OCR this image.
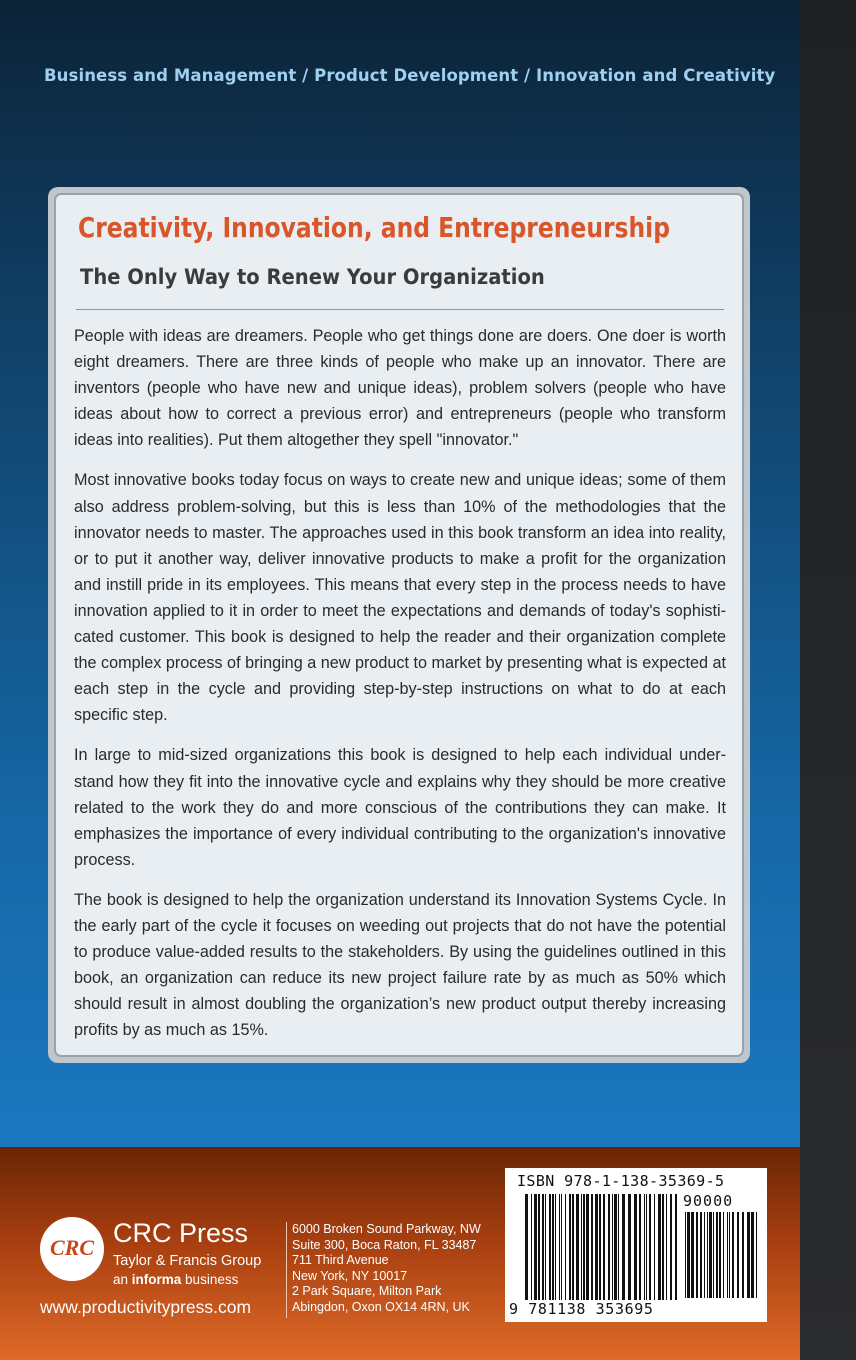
Business and Management / Product Development / Innovation and Creativity
Creativity, Innovation, and Entrepreneurship
The Only Way to Renew Your Organization

People with ideas are dreamers. People who get things done are doers. One doer is worth eight dreamers. There are three kinds of people who make up an innovator. There are inventors (people who have new and unique ideas), problem solvers (people who have ideas about how to correct a previous error) and entrepreneurs (people who transform ideas into realities). Put them altogether they spell "innovator."

Most innovative books today focus on ways to create new and unique ideas; some of them also address problem-solving, but this is less than 10% of the methodologies that the innovator needs to master. The approaches used in this book transform an idea into reality, or to put it another way, deliver innovative products to make a profit for the organization and instill pride in its employees. This means that every step in the process needs to have innovation applied to it in order to meet the expectations and demands of today's sophisticated customer. This book is designed to help the reader and their organization complete the complex process of bringing a new product to market by presenting what is expected at each step in the cycle and providing step-by-step instructions on what to do at each specific step.

In large to mid-sized organizations this book is designed to help each individual understand how they fit into the innovative cycle and explains why they should be more creative related to the work they do and more conscious of the contributions they can make. It emphasizes the importance of every individual contributing to the organization's innovative process.

The book is designed to help the organization understand its Innovation Systems Cycle. In the early part of the cycle it focuses on weeding out projects that do not have the potential to produce value-added results to the stakeholders. By using the guidelines outlined in this book, an organization can reduce its new project failure rate by as much as 50% which should result in almost doubling the organization’s new product output thereby increasing profits by as much as 15%.

CRC CRC Press
Taylor & Francis Group
an informa business
www.productivitypress.com
6000 Broken Sound Parkway, NW
Suite 300, Boca Raton, FL 33487
711 Third Avenue
New York, NY 10017
2 Park Square, Milton Park
Abingdon, Oxon OX14 4RN, UK
ISBN 978-1-138-35369-5
90000
9 781138 353695
